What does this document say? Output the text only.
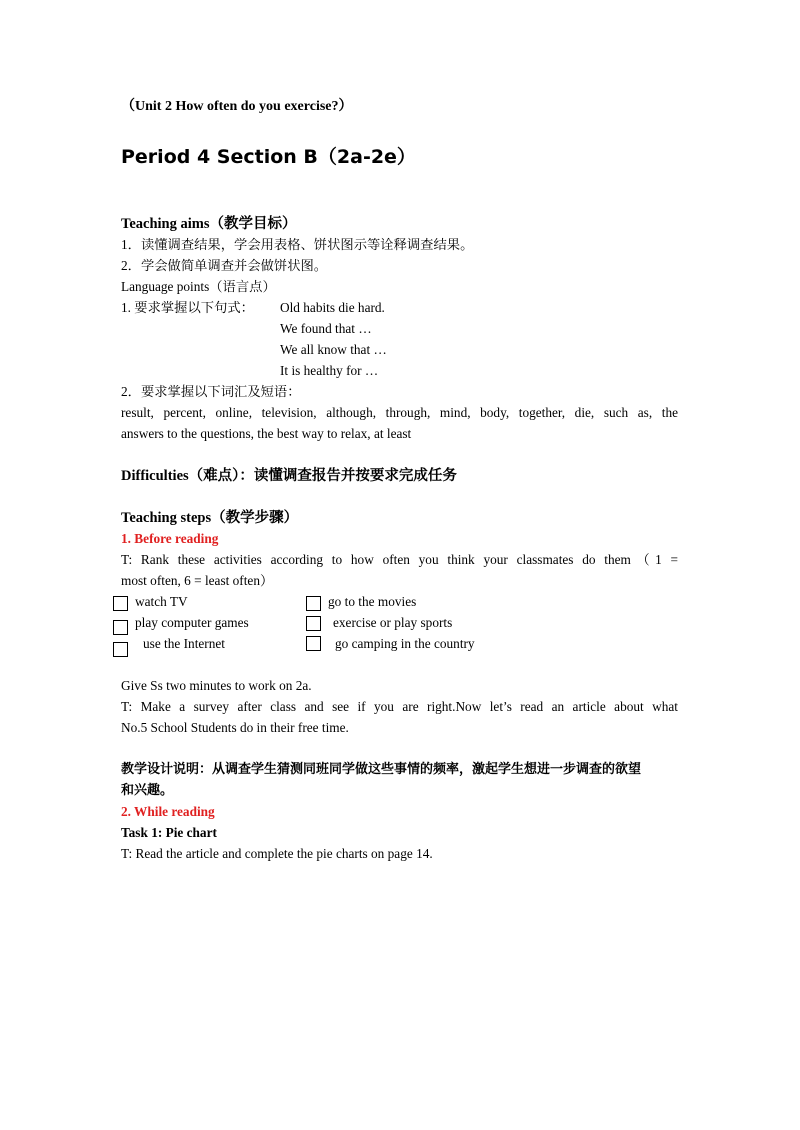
（Unit 2 How often do you exercise?）
Period 4 Section B（2a-2e）
Teaching aims（教学目标）
1．读懂调查结果，学会用表格、饼状图示等诠释调查结果。
2．学会做简单调查并会做饼状图。
Language points（语言点）
1. 要求掌握以下句式： Old habits die hard.
We found that …
We all know that …
It is healthy for …
2．要求掌握以下词汇及短语：
result, percent, online, television, although, through, mind, body, together, die, such as, the
answers to the questions, the best way to relax, at least
Difficulties（难点）：读懂调查报告并按要求完成任务
Teaching steps（教学步骤）
1. Before reading
T: Rank these activities according to how often you think your classmates do them（1 =
most often, 6 = least often）
watch TV	go to the movies
play computer games	exercise or play sports
use the Internet	go camping in the country
Give Ss two minutes to work on 2a.
T: Make a survey after class and see if you are right.Now let’s read an article about what
No.5 School Students do in their free time.
教学设计说明：从调查学生猜测同班同学做这些事情的频率，激起学生想进一步调查的欲望
和兴趣。
2. While reading
Task 1: Pie chart
T: Read the article and complete the pie charts on page 14.
